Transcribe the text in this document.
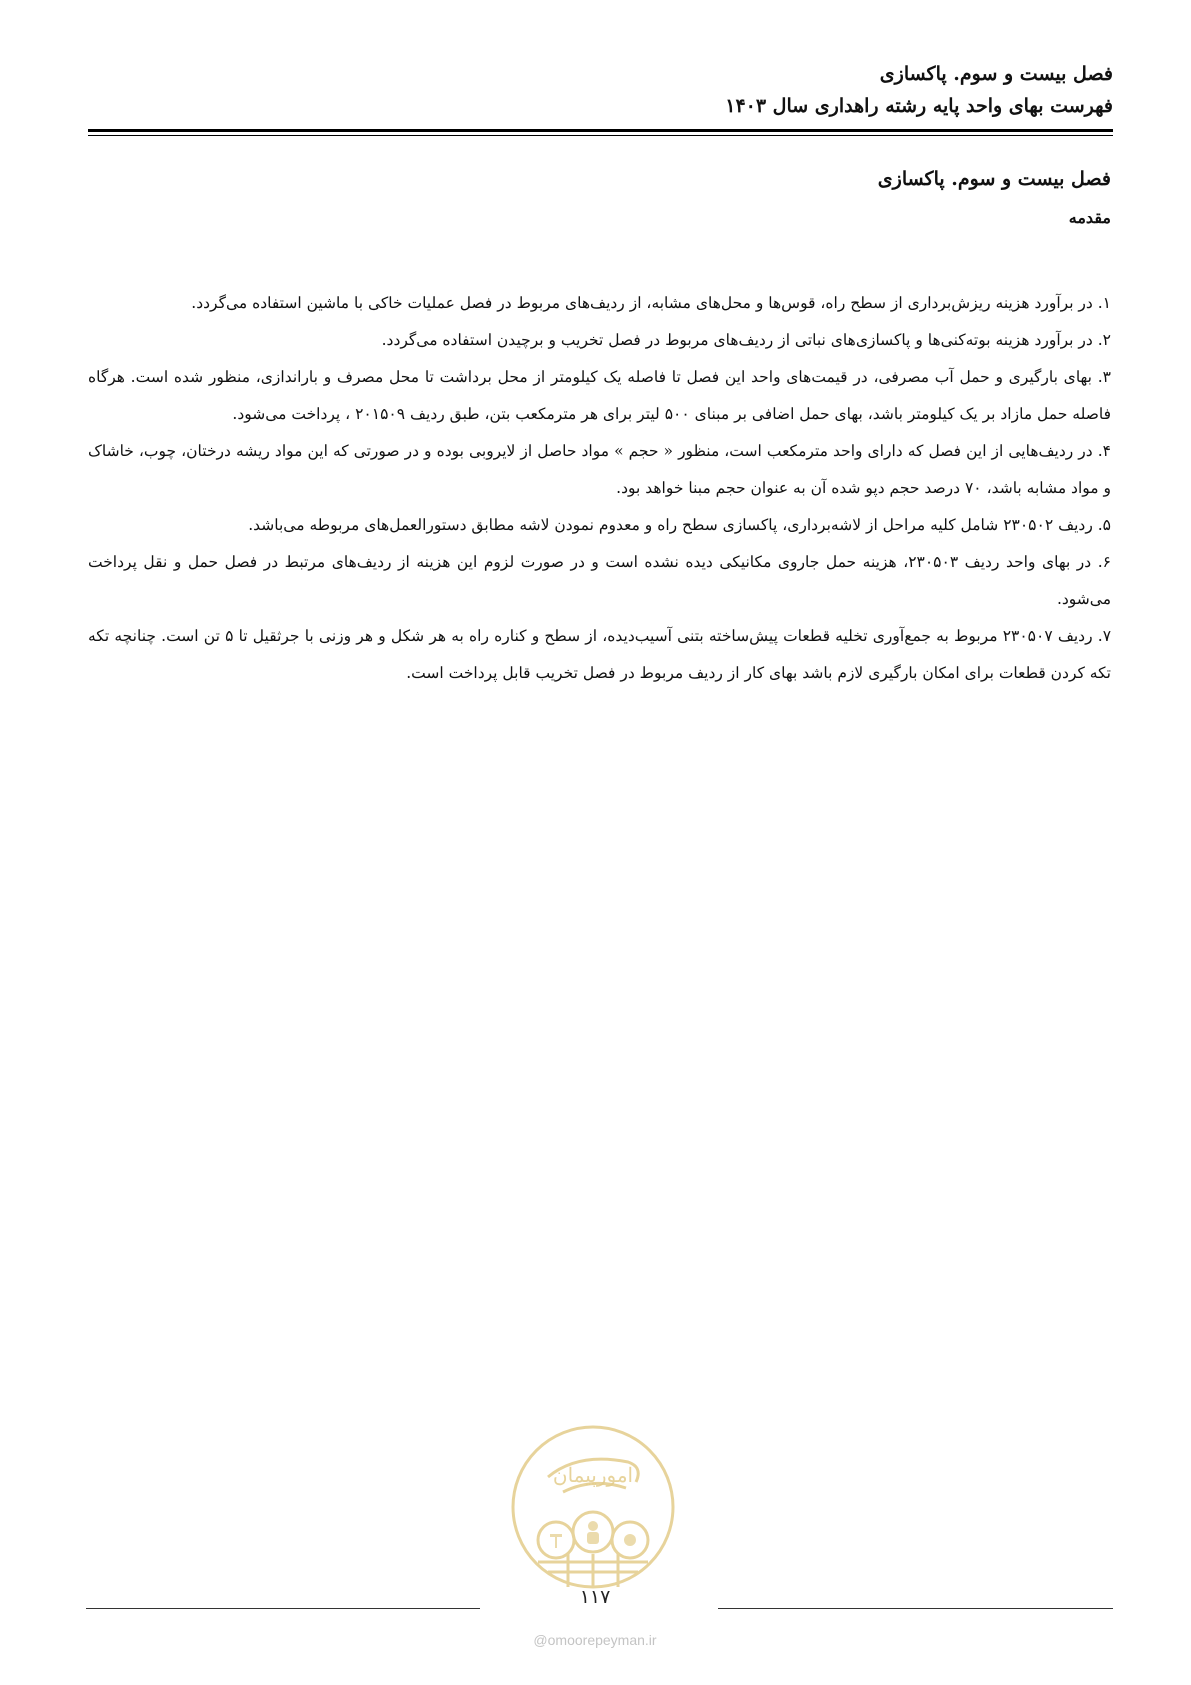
فصل بیست و سوم. پاکسازی
فهرست بهای واحد پایه رشته راهداری سال ۱۴۰۳
فصل بیست و سوم. پاکسازی
مقدمه

۱. در برآورد هزینه ریزش‌برداری از سطح راه، قوس‌ها و محل‌های مشابه، از ردیف‌های مربوط در فصل عملیات خاکی با ماشین استفاده می‌گردد.

۲. در برآورد هزینه بوته‌کنی‌ها و پاکسازی‌های نباتی از ردیف‌های مربوط در فصل تخریب و برچیدن استفاده می‌گردد.

۳. بهای بارگیری و حمل آب مصرفی، در قیمت‌های واحد این فصل تا فاصله یک کیلومتر از محل برداشت تا محل مصرف و باراندازی، منظور شده است. هرگاه فاصله حمل مازاد بر یک کیلومتر باشد، بهای حمل اضافی بر مبنای ۵۰۰ لیتر برای هر مترمکعب بتن، طبق ردیف ۲۰۱۵۰۹ ، پرداخت می‌شود.

۴. در ردیف‌هایی از این فصل که دارای واحد مترمکعب است، منظور « حجم » مواد حاصل از لایروبی بوده و در صورتی که این مواد ریشه درختان، چوب، خاشاک و مواد مشابه باشد، ۷۰ درصد حجم دپو شده آن به عنوان حجم مبنا خواهد بود.

۵. ردیف ۲۳۰۵۰۲ شامل کلیه مراحل از لاشه‌برداری، پاکسازی سطح راه و معدوم نمودن لاشه مطابق دستورالعمل‌های مربوطه می‌باشد.

۶. در بهای واحد ردیف ۲۳۰۵۰۳، هزینه حمل جاروی مکانیکی دیده نشده است و در صورت لزوم این هزینه از ردیف‌های مرتبط در فصل حمل و نقل پرداخت می‌شود.

۷. ردیف ۲۳۰۵۰۷ مربوط به جمع‌آوری تخلیه قطعات پیش‌ساخته بتنی آسیب‌دیده، از سطح و کناره راه به هر شکل و هر وزنی با جرثقیل تا ۵ تن است. چنانچه تکه تکه کردن قطعات برای امکان بارگیری لازم باشد بهای کار از ردیف مربوط در فصل تخریب قابل پرداخت است.

امورپیمان
۱۱۷
@omoorepeyman.ir
